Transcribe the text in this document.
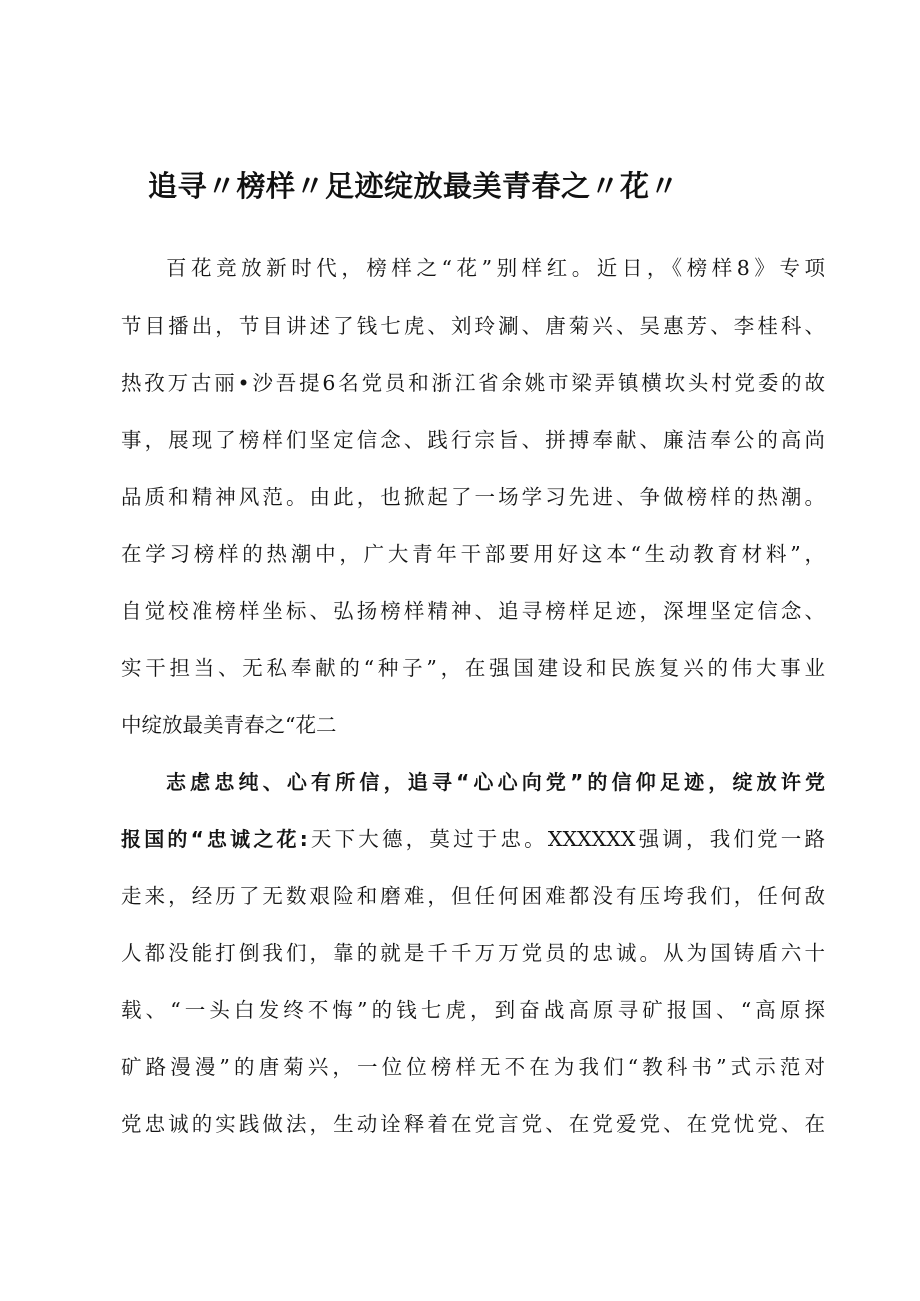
追寻〃榜样〃足迹绽放最美青春之〃花〃

百花竞放新时代，榜样之“花”别样红。近日，《榜样8》专项

节目播出，节目讲述了钱七虎、刘玲涮、唐菊兴、吴惠芳、李桂科、

热孜万古丽•沙吾提6名党员和浙江省余姚市梁弄镇横坎头村党委的故

事，展现了榜样们坚定信念、践行宗旨、拼搏奉献、廉洁奉公的高尚

品质和精神风范。由此，也掀起了一场学习先进、争做榜样的热潮。

在学习榜样的热潮中，广大青年干部要用好这本“生动教育材料”，

自觉校准榜样坐标、弘扬榜样精神、追寻榜样足迹，深埋坚定信念、

实干担当、无私奉献的“种子”，在强国建设和民族复兴的伟大事业

中绽放最美青春之“花二

志虑忠纯、心有所信，追寻“心心向党”的信仰足迹，绽放许党

报国的“忠诚之花:天下大德，莫过于忠。XXXXXX强调，我们党一路

走来，经历了无数艰险和磨难，但任何困难都没有压垮我们，任何敌

人都没能打倒我们，靠的就是千千万万党员的忠诚。从为国铸盾六十

载、“一头白发终不悔”的钱七虎，到奋战高原寻矿报国、“高原探

矿路漫漫”的唐菊兴，一位位榜样无不在为我们“教科书”式示范对

党忠诚的实践做法，生动诠释着在党言党、在党爱党、在党忧党、在
